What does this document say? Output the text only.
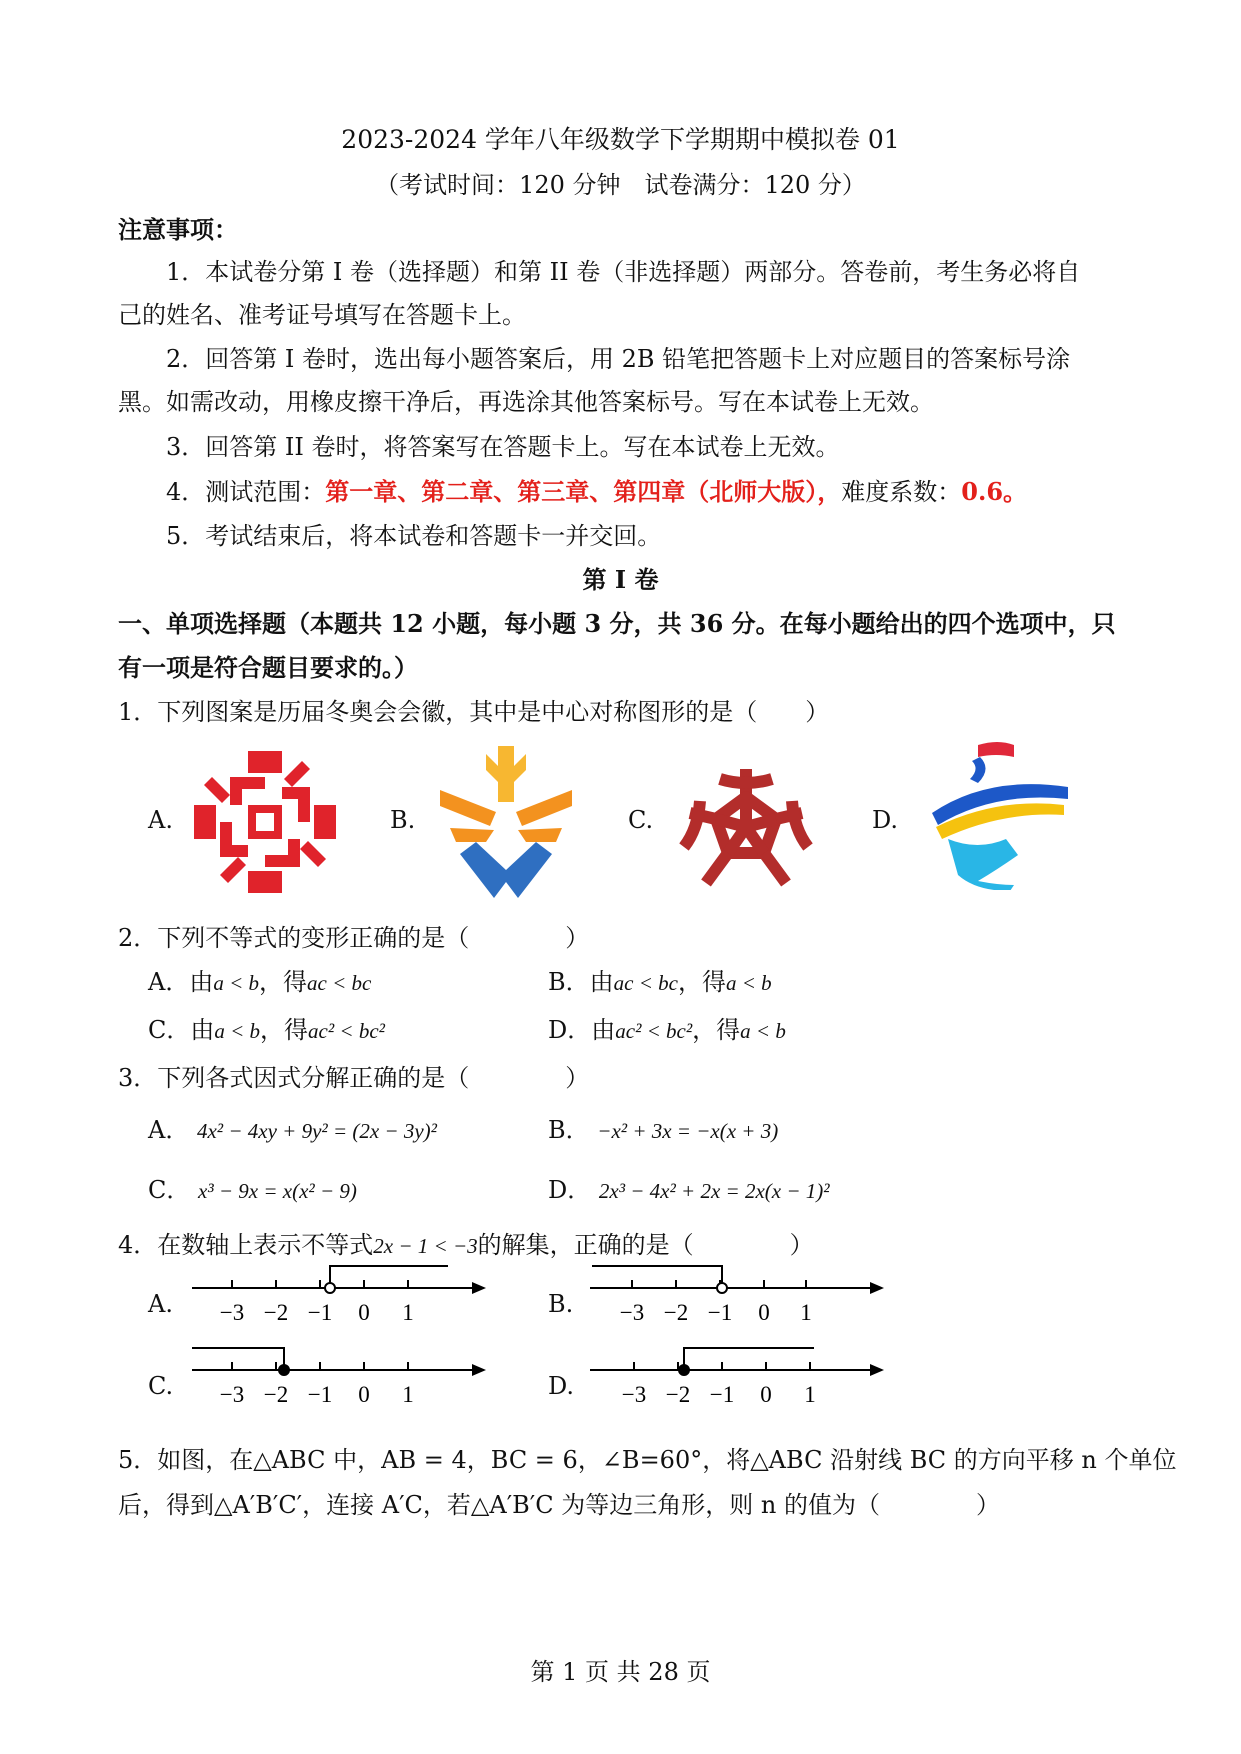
2023-2024 学年八年级数学下学期期中模拟卷 01
（考试时间：120 分钟　试卷满分：120 分）
注意事项：
1．本试卷分第 I 卷（选择题）和第 II 卷（非选择题）两部分。答卷前，考生务必将自
己的姓名、准考证号填写在答题卡上。
2．回答第 I 卷时，选出每小题答案后，用 2B 铅笔把答题卡上对应题目的答案标号涂
黑。如需改动，用橡皮擦干净后，再选涂其他答案标号。写在本试卷上无效。
3．回答第 II 卷时，将答案写在答题卡上。写在本试卷上无效。
4．测试范围：第一章、第二章、第三章、第四章（北师大版），难度系数：0.6。
5．考试结束后，将本试卷和答题卡一并交回。
第 I 卷
一、单项选择题（本题共 12 小题，每小题 3 分，共 36 分。在每小题给出的四个选项中，只
有一项是符合题目要求的。）
1．下列图案是历届冬奥会会徽，其中是中心对称图形的是（　　）
A.	B.	C.	D.
2．下列不等式的变形正确的是（　　　　）
A．由a < b，得ac < bc	B．由ac < bc，得a < b
C．由a < b，得ac² < bc²	D．由ac² < bc²，得a < b
3．下列各式因式分解正确的是（　　　　）
A． 4x² − 4xy + 9y² = (2x − 3y)²	B． −x² + 3x = −x(x + 3)
C． x³ − 9x = x(x² − 9)	D． 2x³ − 4x² + 2x = 2x(x − 1)²
4．在数轴上表示不等式2x − 1 < −3的解集，正确的是（　　　　）
A. −3 −2 −1 0 1	B. −3 −2 −1 0 1
C. −3 −2 −1 0 1	D. −3 −2 −1 0 1
5．如图，在△ABC 中，AB = 4，BC = 6，∠B=60°，将△ABC 沿射线 BC 的方向平移 n 个单位
后，得到△A′B′C′，连接 A′C，若△A′B′C 为等边三角形，则 n 的值为（　　　　）
第 1 页 共 28 页
